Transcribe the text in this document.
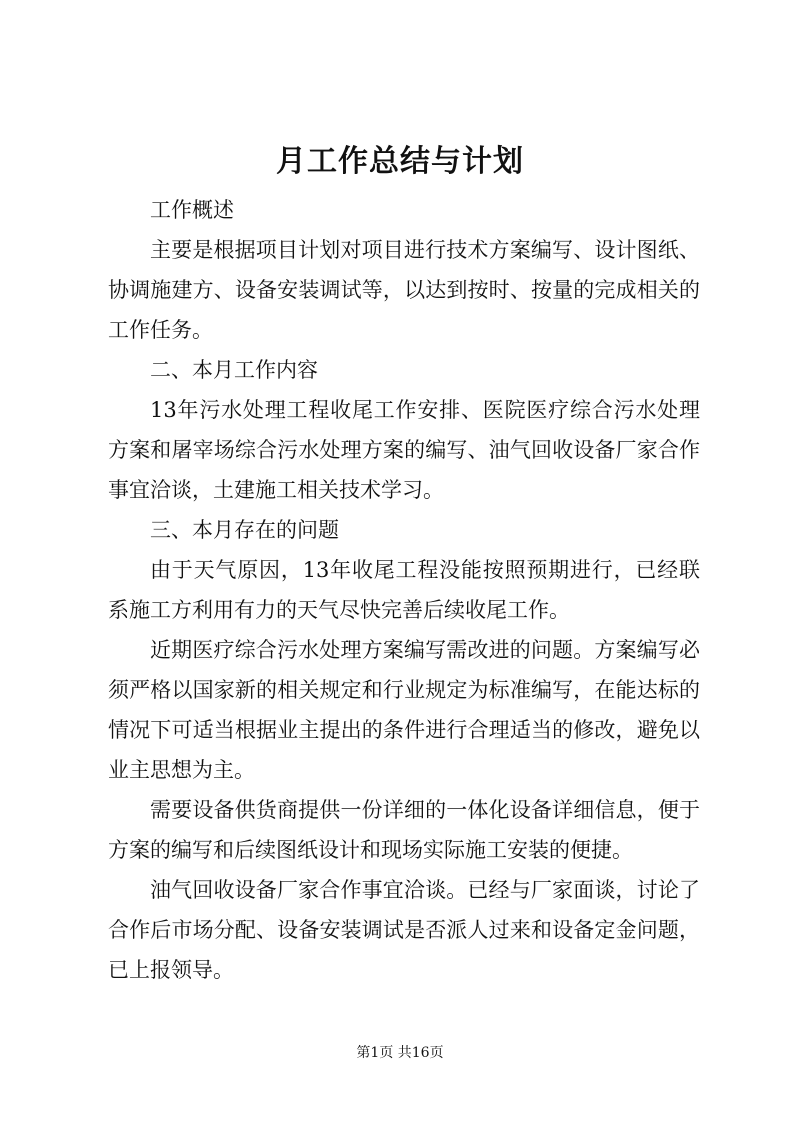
月工作总结与计划

工作概述

主要是根据项目计划对项目进行技术方案编写、设计图纸、协调施建方、设备安装调试等，以达到按时、按量的完成相关的工作任务。

二、本月工作内容

13年污水处理工程收尾工作安排、医院医疗综合污水处理方案和屠宰场综合污水处理方案的编写、油气回收设备厂家合作事宜洽谈，土建施工相关技术学习。

三、本月存在的问题

由于天气原因，13年收尾工程没能按照预期进行，已经联系施工方利用有力的天气尽快完善后续收尾工作。

近期医疗综合污水处理方案编写需改进的问题。方案编写必须严格以国家新的相关规定和行业规定为标准编写，在能达标的情况下可适当根据业主提出的条件进行合理适当的修改，避免以业主思想为主。

需要设备供货商提供一份详细的一体化设备详细信息，便于方案的编写和后续图纸设计和现场实际施工安装的便捷。

油气回收设备厂家合作事宜洽谈。已经与厂家面谈，讨论了合作后市场分配、设备安装调试是否派人过来和设备定金问题，已上报领导。

第1页 共16页
